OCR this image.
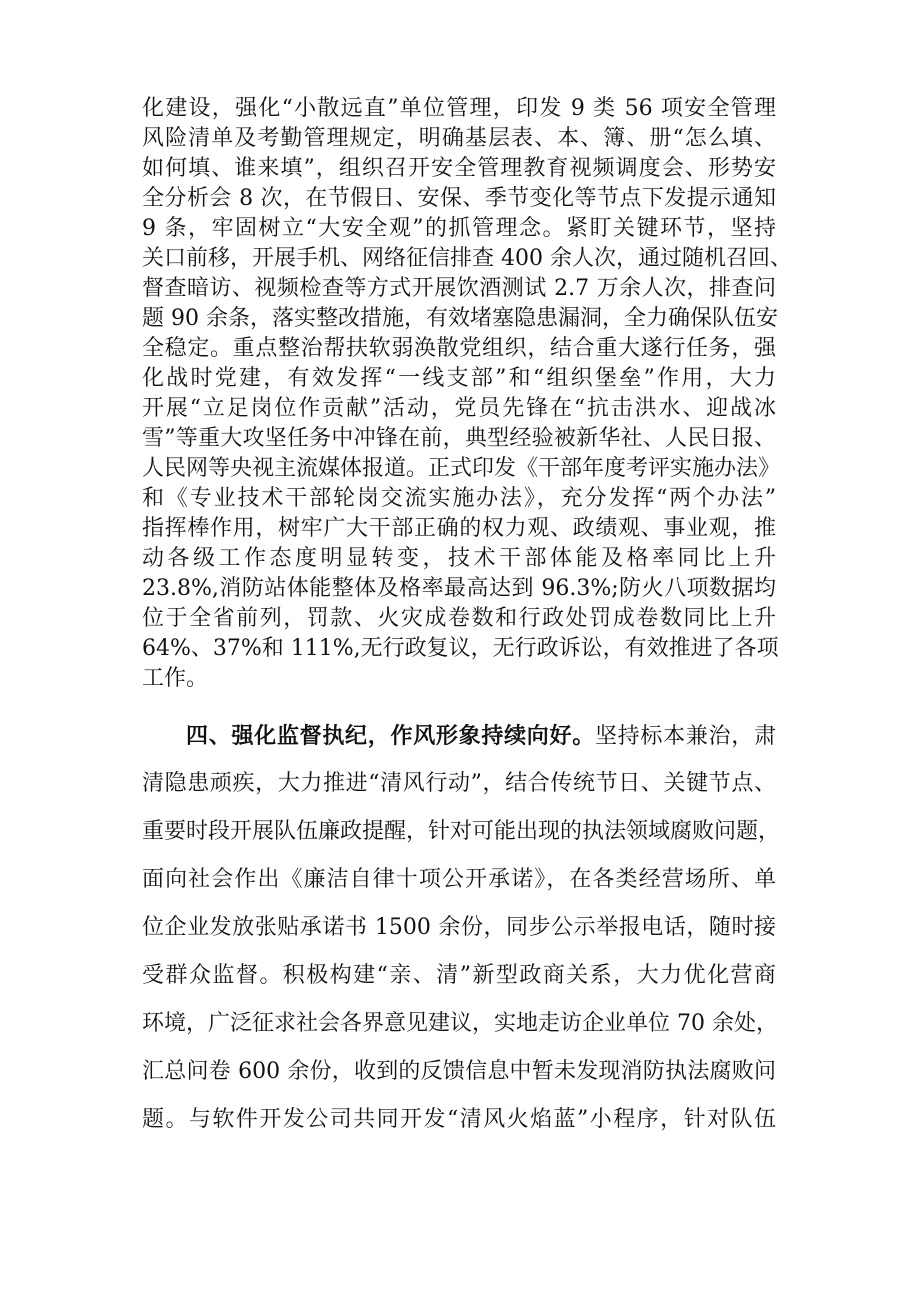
化建设，强化“小散远直”单位管理，印发 9 类 56 项安全管理
风险清单及考勤管理规定，明确基层表、本、簿、册“怎么填、
如何填、谁来填”，组织召开安全管理教育视频调度会、形势安
全分析会 8 次，在节假日、安保、季节变化等节点下发提示通知
9 条，牢固树立“大安全观”的抓管理念。紧盯关键环节，坚持
关口前移，开展手机、网络征信排查 400 余人次，通过随机召回、
督查暗访、视频检查等方式开展饮酒测试 2.7 万余人次，排查问
题 90 余条，落实整改措施，有效堵塞隐患漏洞，全力确保队伍安
全稳定。重点整治帮扶软弱涣散党组织，结合重大遂行任务，强
化战时党建，有效发挥“一线支部”和“组织堡垒”作用，大力
开展“立足岗位作贡献”活动，党员先锋在“抗击洪水、迎战冰
雪”等重大攻坚任务中冲锋在前，典型经验被新华社、人民日报、
人民网等央视主流媒体报道。正式印发《干部年度考评实施办法》
和《专业技术干部轮岗交流实施办法》，充分发挥“两个办法”
指挥棒作用，树牢广大干部正确的权力观、政绩观、事业观，推
动各级工作态度明显转变，技术干部体能及格率同比上升
23.8%,消防站体能整体及格率最高达到 96.3%;防火八项数据均
位于全省前列，罚款、火灾成卷数和行政处罚成卷数同比上升
64%、37%和 111%,无行政复议，无行政诉讼，有效推进了各项
工作。
四、强化监督执纪，作风形象持续向好。坚持标本兼治，肃
清隐患顽疾，大力推进“清风行动”，结合传统节日、关键节点、
重要时段开展队伍廉政提醒，针对可能出现的执法领域腐败问题，
面向社会作出《廉洁自律十项公开承诺》，在各类经营场所、单
位企业发放张贴承诺书 1500 余份，同步公示举报电话，随时接
受群众监督。积极构建“亲、清”新型政商关系，大力优化营商
环境，广泛征求社会各界意见建议，实地走访企业单位 70 余处，
汇总问卷 600 余份，收到的反馈信息中暂未发现消防执法腐败问
题。与软件开发公司共同开发“清风火焰蓝”小程序，针对队伍
